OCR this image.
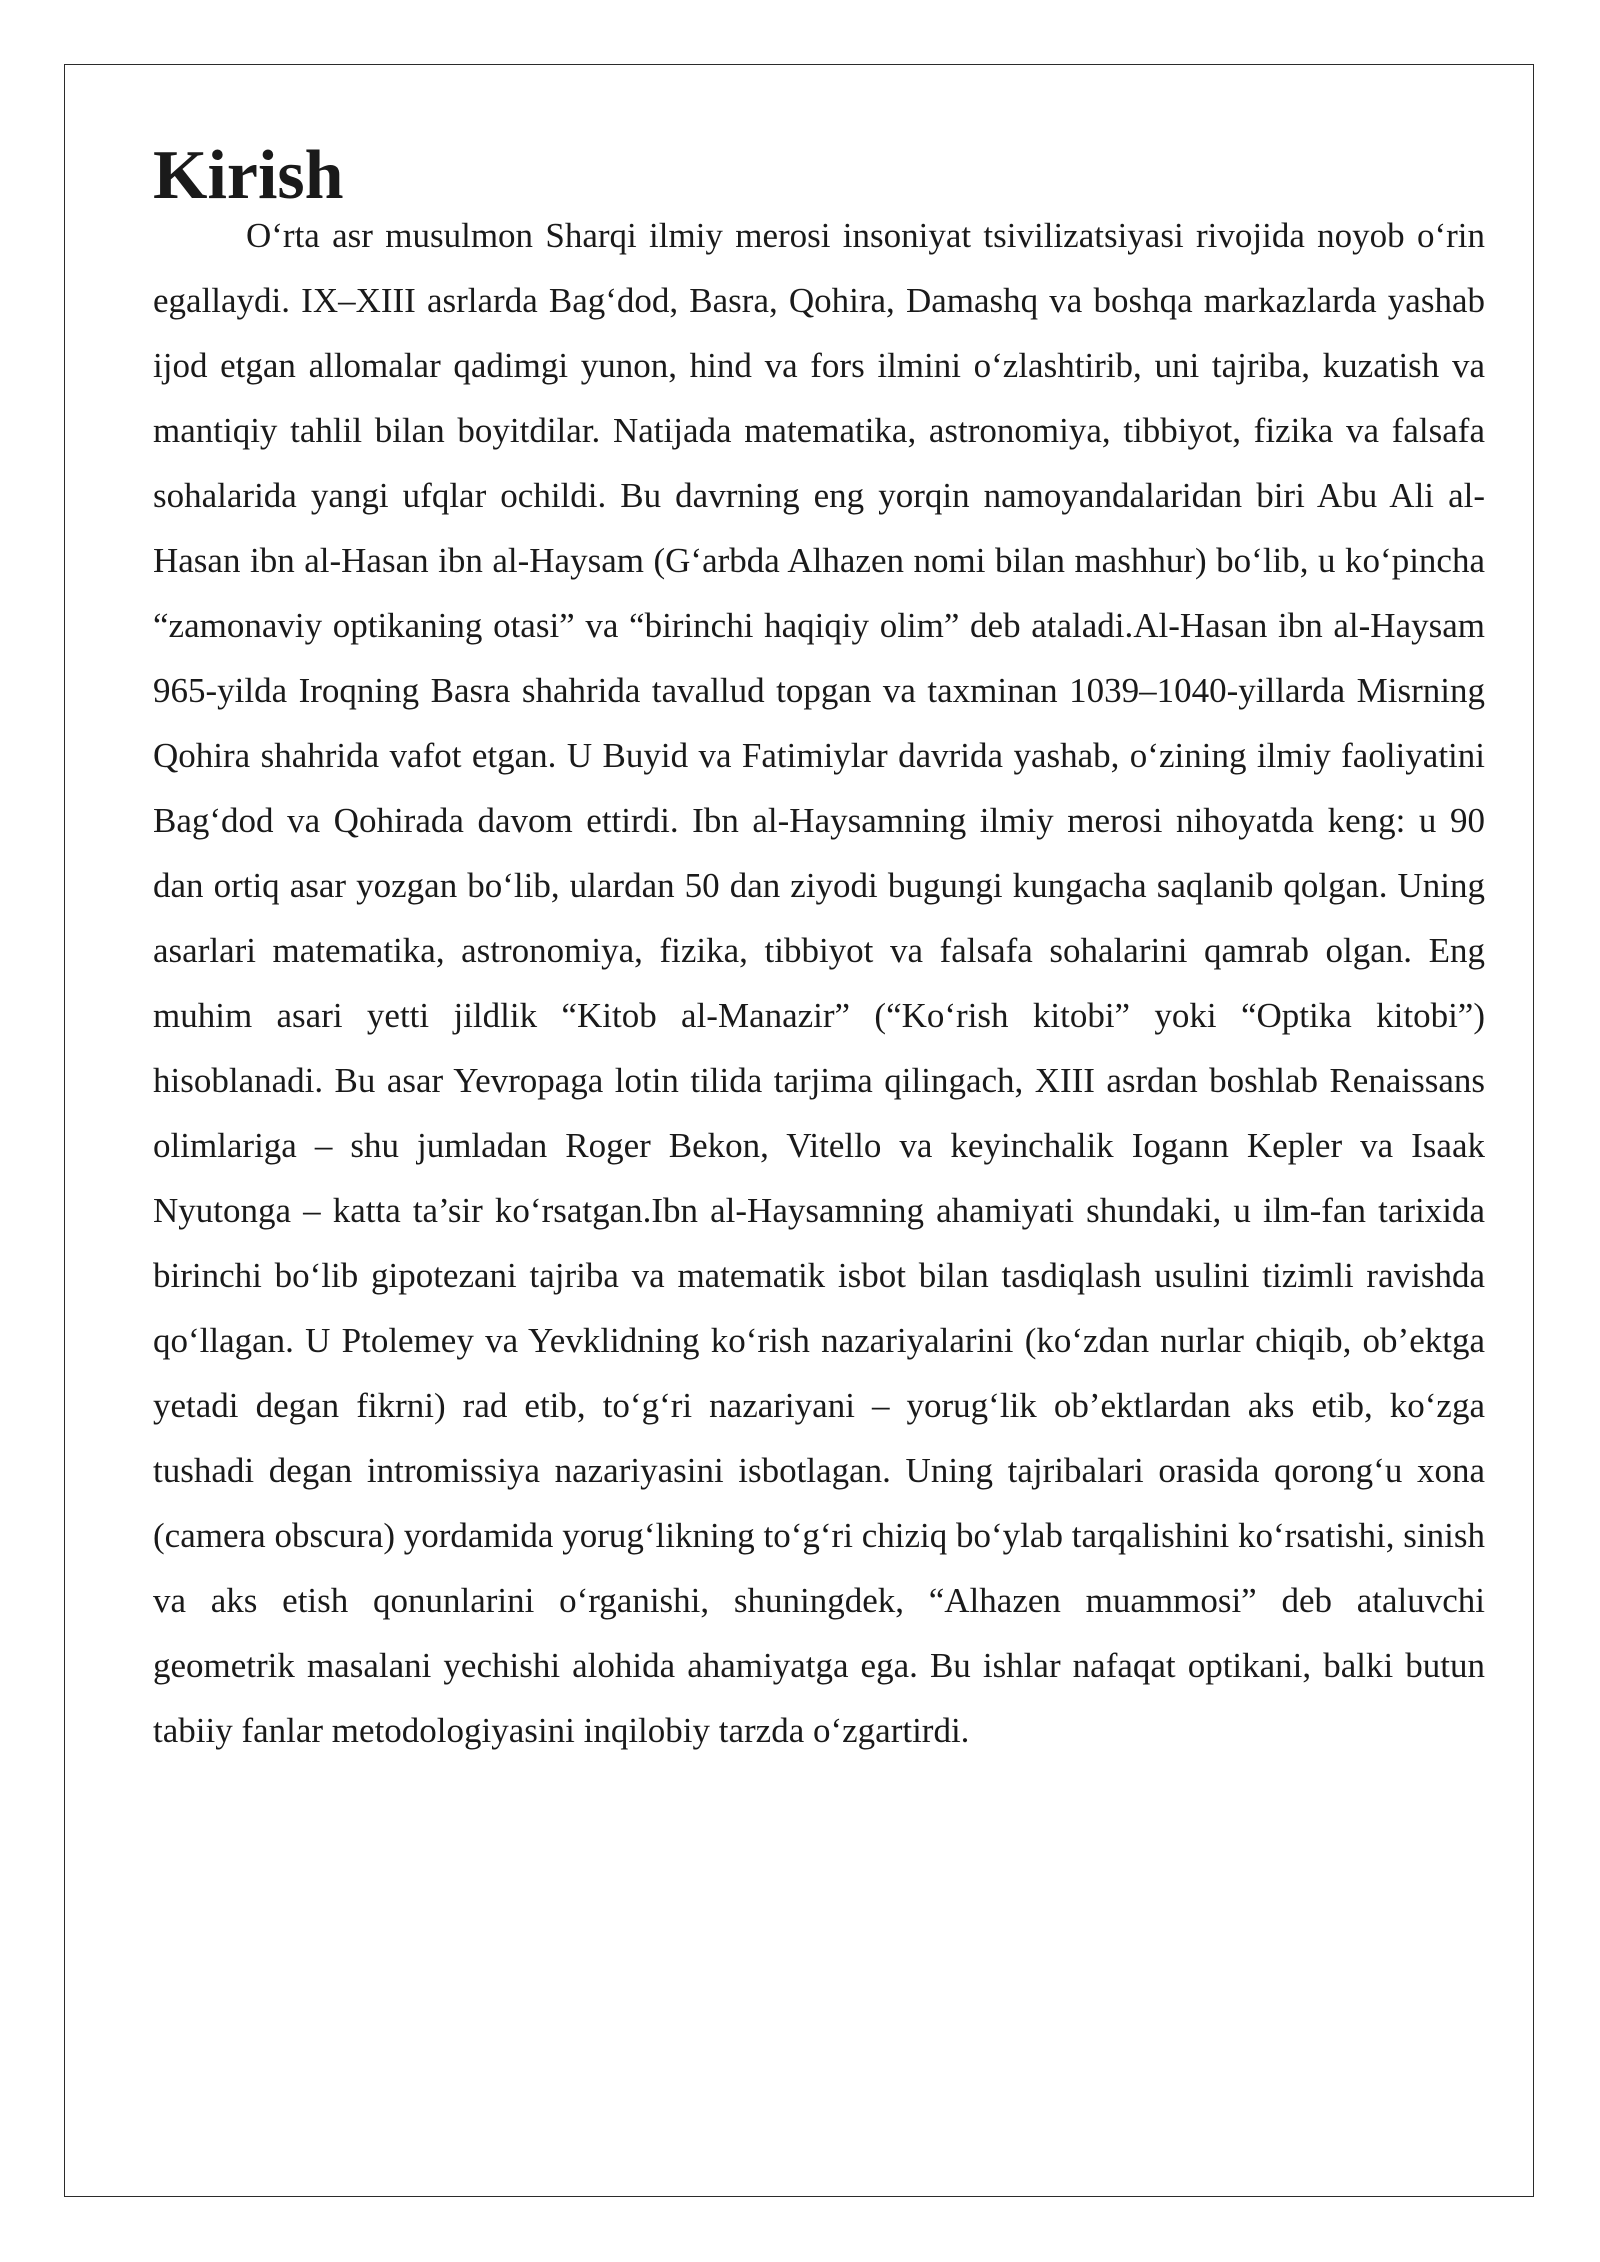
Kirish

O‘rta asr musulmon Sharqi ilmiy merosi insoniyat tsivilizatsiyasi rivojida noyob o‘rin egallaydi. IX–XIII asrlarda Bag‘dod, Basra, Qohira, Damashq va boshqa markazlarda yashab ijod etgan allomalar qadimgi yunon, hind va fors ilmini o‘zlashtirib, uni tajriba, kuzatish va mantiqiy tahlil bilan boyitdilar. Natijada matematika, astronomiya, tibbiyot, fizika va falsafa sohalarida yangi ufqlar ochildi. Bu davrning eng yorqin namoyandalaridan biri Abu Ali al-Hasan ibn al-Hasan ibn al-Haysam (G‘arbda Alhazen nomi bilan mashhur) bo‘lib, u ko‘pincha “zamonaviy optikaning otasi” va “birinchi haqiqiy olim” deb ataladi.Al-Hasan ibn al-Haysam 965-yilda Iroqning Basra shahrida tavallud topgan va taxminan 1039–1040-yillarda Misrning Qohira shahrida vafot etgan. U Buyid va Fatimiylar davrida yashab, o‘zining ilmiy faoliyatini Bag‘dod va Qohirada davom ettirdi. Ibn al-Haysamning ilmiy merosi nihoyatda keng: u 90 dan ortiq asar yozgan bo‘lib, ulardan 50 dan ziyodi bugungi kungacha saqlanib qolgan. Uning asarlari matematika, astronomiya, fizika, tibbiyot va falsafa sohalarini qamrab olgan. Eng muhim asari yetti jildlik “Kitob al-Manazir” (“Ko‘rish kitobi” yoki “Optika kitobi”) hisoblanadi. Bu asar Yevropaga lotin tilida tarjima qilingach, XIII asrdan boshlab Renaissans olimlariga – shu jumladan Roger Bekon, Vitello va keyinchalik Iogann Kepler va Isaak Nyutonga – katta ta’sir ko‘rsatgan.Ibn al-Haysamning ahamiyati shundaki, u ilm-fan tarixida birinchi bo‘lib gipotezani tajriba va matematik isbot bilan tasdiqlash usulini tizimli ravishda qo‘llagan. U Ptolemey va Yevklidning ko‘rish nazariyalarini (ko‘zdan nurlar chiqib, ob’ektga yetadi degan fikrni) rad etib, to‘g‘ri nazariyani – yorug‘lik ob’ektlardan aks etib, ko‘zga tushadi degan intromissiya nazariyasini isbotlagan. Uning tajribalari orasida qorong‘u xona (camera obscura) yordamida yorug‘likning to‘g‘ri chiziq bo‘ylab tarqalishini ko‘rsatishi, sinish va aks etish qonunlarini o‘rganishi, shuningdek, “Alhazen muammosi” deb ataluvchi geometrik masalani yechishi alohida ahamiyatga ega. Bu ishlar nafaqat optikani, balki butun tabiiy fanlar metodologiyasini inqilobiy tarzda o‘zgartirdi.
